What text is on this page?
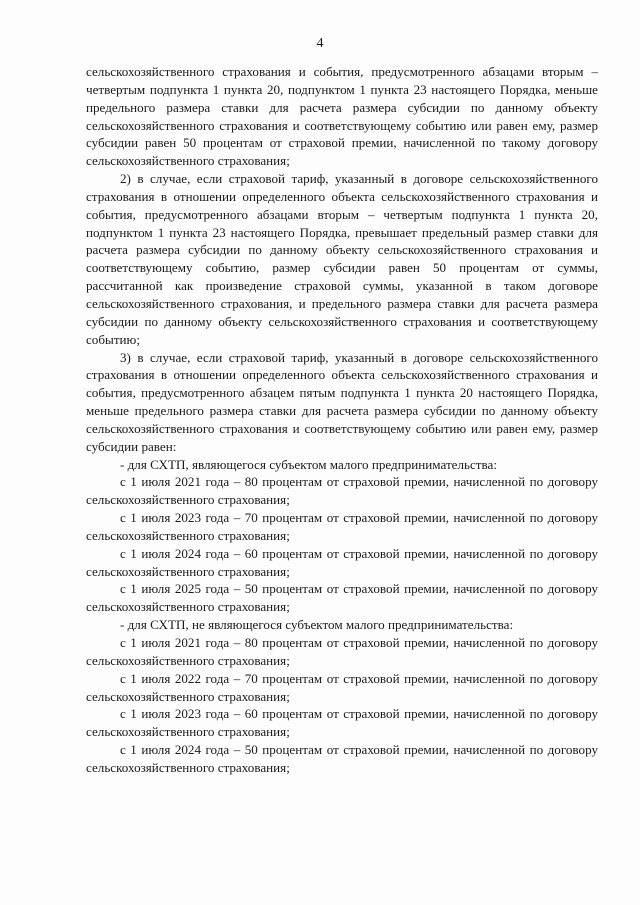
4

сельскохозяйственного страхования и события, предусмотренного абзацами вторым – четвертым подпункта 1 пункта 20, подпунктом 1 пункта 23 настоящего Порядка, меньше предельного размера ставки для расчета размера субсидии по данному объекту сельскохозяйственного страхования и соответствующему событию или равен ему, размер субсидии равен 50 процентам от страховой премии, начисленной по такому договору сельскохозяйственного страхования;

2) в случае, если страховой тариф, указанный в договоре сельскохозяйственного страхования в отношении определенного объекта сельскохозяйственного страхования и события, предусмотренного абзацами вторым – четвертым подпункта 1 пункта 20, подпунктом 1 пункта 23 настоящего Порядка, превышает предельный размер ставки для расчета размера субсидии по данному объекту сельскохозяйственного страхования и соответствующему событию, размер субсидии равен 50 процентам от суммы, рассчитанной как произведение страховой суммы, указанной в таком договоре сельскохозяйственного страхования, и предельного размера ставки для расчета размера субсидии по данному объекту сельскохозяйственного страхования и соответствующему событию;

3) в случае, если страховой тариф, указанный в договоре сельскохозяйственного страхования в отношении определенного объекта сельскохозяйственного страхования и события, предусмотренного абзацем пятым подпункта 1 пункта 20 настоящего Порядка, меньше предельного размера ставки для расчета размера субсидии по данному объекту сельскохозяйственного страхования и соответствующему событию или равен ему, размер субсидии равен:

- для СХТП, являющегося субъектом малого предпринимательства:

с 1 июля 2021 года – 80 процентам от страховой премии, начисленной по договору сельскохозяйственного страхования;

с 1 июля 2023 года – 70 процентам от страховой премии, начисленной по договору сельскохозяйственного страхования;

с 1 июля 2024 года – 60 процентам от страховой премии, начисленной по договору сельскохозяйственного страхования;

с 1 июля 2025 года – 50 процентам от страховой премии, начисленной по договору сельскохозяйственного страхования;

- для СХТП, не являющегося субъектом малого предпринимательства:

с 1 июля 2021 года – 80 процентам от страховой премии, начисленной по договору сельскохозяйственного страхования;

с 1 июля 2022 года – 70 процентам от страховой премии, начисленной по договору сельскохозяйственного страхования;

с 1 июля 2023 года – 60 процентам от страховой премии, начисленной по договору сельскохозяйственного страхования;

с 1 июля 2024 года – 50 процентам от страховой премии, начисленной по договору сельскохозяйственного страхования;
